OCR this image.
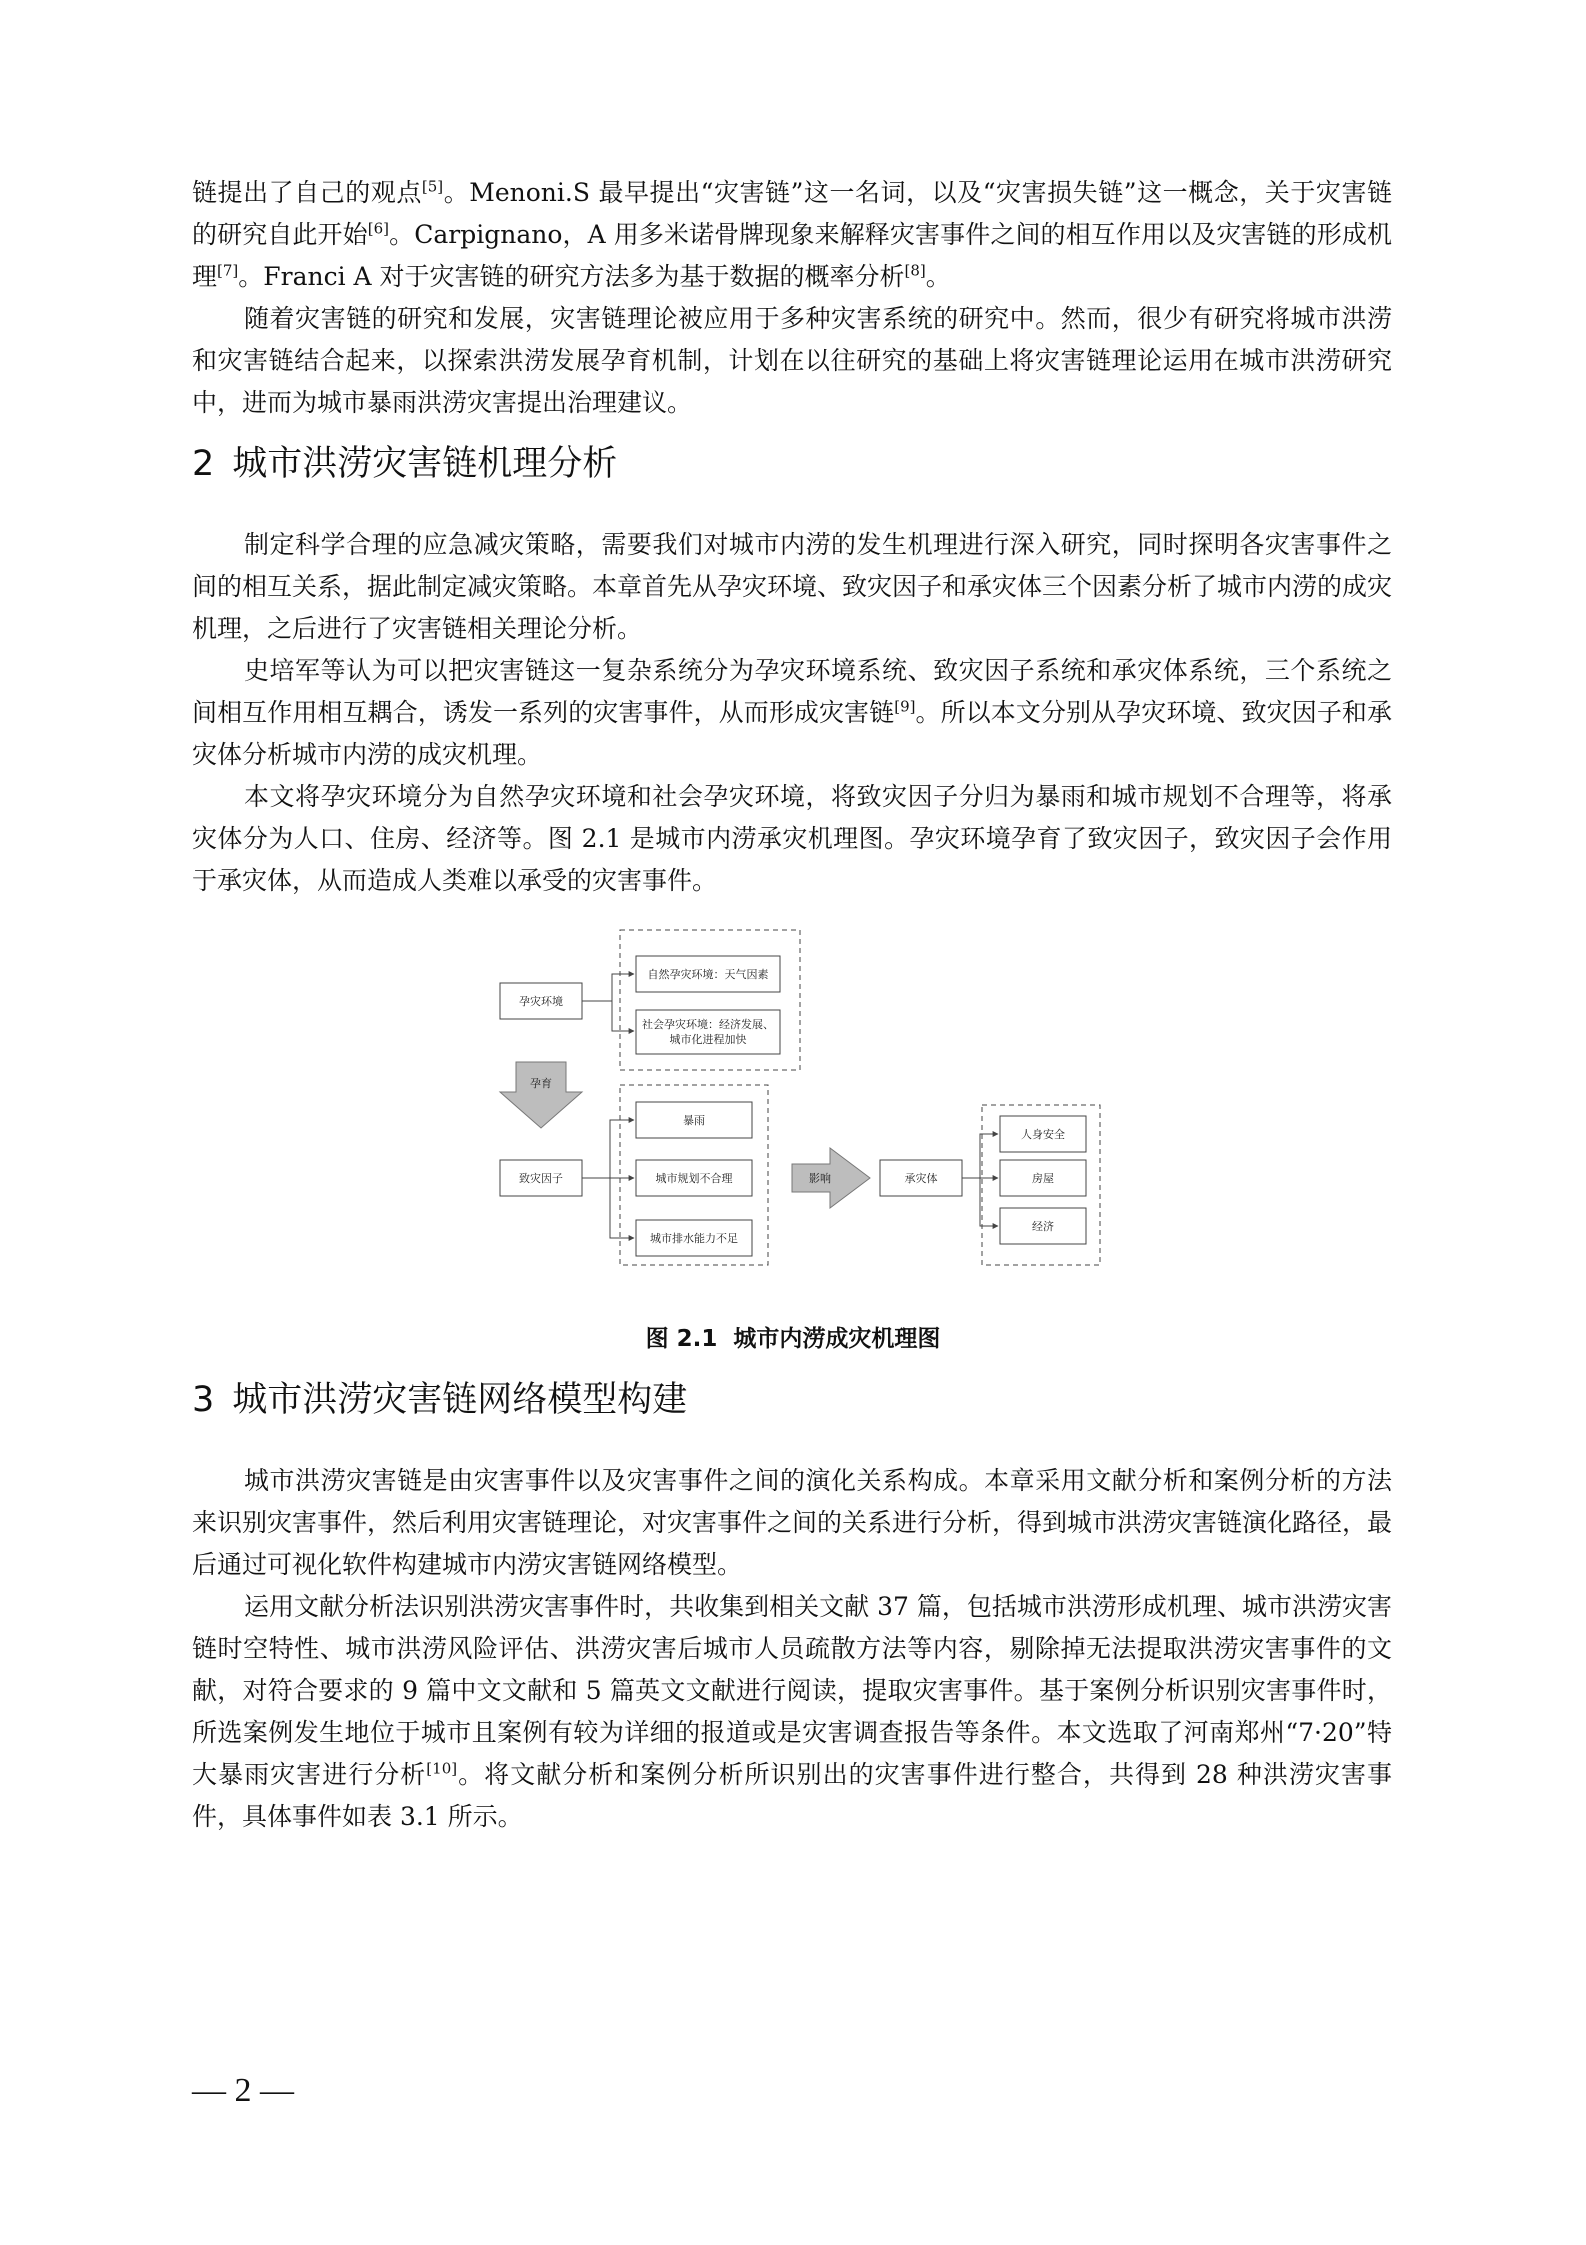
链提出了自己的观点[5]。Menoni.S 最早提出“灾害链”这一名词，以及“灾害损失链”这一概念，关于灾害链的研究自此开始[6]。Carpignano，A 用多米诺骨牌现象来解释灾害事件之间的相互作用以及灾害链的形成机理[7]。Franci A 对于灾害链的研究方法多为基于数据的概率分析[8]。

随着灾害链的研究和发展，灾害链理论被应用于多种灾害系统的研究中。然而，很少有研究将城市洪涝和灾害链结合起来，以探索洪涝发展孕育机制，计划在以往研究的基础上将灾害链理论运用在城市洪涝研究中，进而为城市暴雨洪涝灾害提出治理建议。

2 城市洪涝灾害链机理分析

制定科学合理的应急减灾策略，需要我们对城市内涝的发生机理进行深入研究，同时探明各灾害事件之间的相互关系，据此制定减灾策略。本章首先从孕灾环境、致灾因子和承灾体三个因素分析了城市内涝的成灾机理，之后进行了灾害链相关理论分析。

史培军等认为可以把灾害链这一复杂系统分为孕灾环境系统、致灾因子系统和承灾体系统，三个系统之间相互作用相互耦合，诱发一系列的灾害事件，从而形成灾害链[9]。所以本文分别从孕灾环境、致灾因子和承灾体分析城市内涝的成灾机理。

本文将孕灾环境分为自然孕灾环境和社会孕灾环境，将致灾因子分归为暴雨和城市规划不合理等，将承灾体分为人口、住房、经济等。图 2.1 是城市内涝承灾机理图。孕灾环境孕育了致灾因子，致灾因子会作用于承灾体，从而造成人类难以承受的灾害事件。

孕灾环境
自然孕灾环境：天气因素
社会孕灾环境：经济发展、
城市化进程加快
孕育
致灾因子
暴雨
城市规划不合理
城市排水能力不足
影响	承灾体
人身安全
房屋
经济
图 2.1 城市内涝成灾机理图
3 城市洪涝灾害链网络模型构建

城市洪涝灾害链是由灾害事件以及灾害事件之间的演化关系构成。本章采用文献分析和案例分析的方法来识别灾害事件，然后利用灾害链理论，对灾害事件之间的关系进行分析，得到城市洪涝灾害链演化路径，最后通过可视化软件构建城市内涝灾害链网络模型。

运用文献分析法识别洪涝灾害事件时，共收集到相关文献 37 篇，包括城市洪涝形成机理、城市洪涝灾害链时空特性、城市洪涝风险评估、洪涝灾害后城市人员疏散方法等内容，剔除掉无法提取洪涝灾害事件的文献，对符合要求的 9 篇中文文献和 5 篇英文文献进行阅读，提取灾害事件。基于案例分析识别灾害事件时，所选案例发生地位于城市且案例有较为详细的报道或是灾害调查报告等条件。本文选取了河南郑州“7·20”特大暴雨灾害进行分析[10]。将文献分析和案例分析所识别出的灾害事件进行整合，共得到 28 种洪涝灾害事件，具体事件如表 3.1 所示。

— 2 —
